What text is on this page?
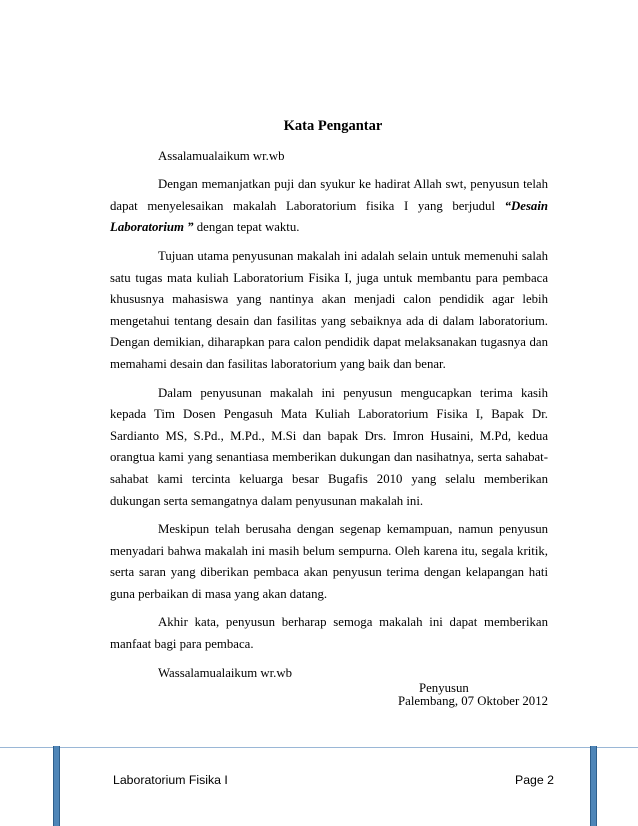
Kata Pengantar

Assalamualaikum wr.wb

Dengan memanjatkan puji dan syukur ke hadirat Allah swt, penyusun telah dapat menyelesaikan makalah Laboratorium fisika I yang berjudul “Desain Laboratorium ” dengan tepat waktu.

Tujuan utama penyusunan makalah ini adalah selain untuk memenuhi salah satu tugas mata kuliah Laboratorium Fisika I, juga untuk membantu para pembaca khususnya mahasiswa yang nantinya akan menjadi calon pendidik agar lebih mengetahui tentang desain dan fasilitas yang sebaiknya ada di dalam laboratorium. Dengan demikian, diharapkan para calon pendidik dapat melaksanakan tugasnya dan memahami desain dan fasilitas laboratorium yang baik dan benar.

Dalam penyusunan makalah ini penyusun mengucapkan terima kasih kepada Tim Dosen Pengasuh Mata Kuliah Laboratorium Fisika I, Bapak Dr. Sardianto MS, S.Pd., M.Pd., M.Si dan bapak Drs. Imron Husaini, M.Pd, kedua orangtua kami yang senantiasa memberikan dukungan dan nasihatnya, serta sahabat-sahabat kami tercinta keluarga besar Bugafis 2010 yang selalu memberikan dukungan serta semangatnya dalam penyusunan makalah ini.

Meskipun telah berusaha dengan segenap kemampuan, namun penyusun menyadari bahwa makalah ini masih belum sempurna. Oleh karena itu, segala kritik, serta saran yang diberikan pembaca akan penyusun terima dengan kelapangan hati guna perbaikan di masa yang akan datang.

Akhir kata, penyusun berharap semoga makalah ini dapat memberikan manfaat bagi para pembaca.

Wassalamualaikum wr.wb

Palembang, 07 Oktober 2012
Penyusun
Laboratorium Fisika I	Page 2
